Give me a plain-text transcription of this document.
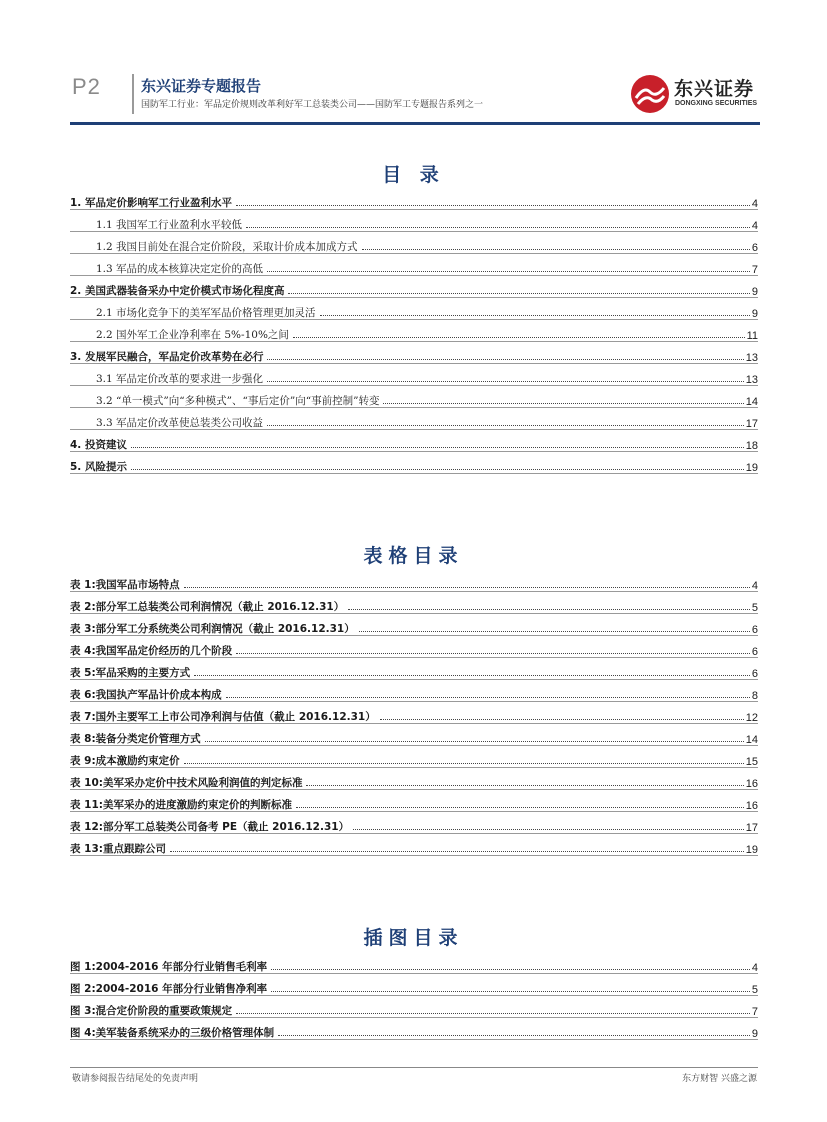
P2	东兴证券专题报告
国防军工行业：军品定价规则改革利好军工总装类公司——国防军工专题报告系列之一
东兴证券
DONGXING SECURITIES
目 录
1. 军品定价影响军工行业盈利水平	4
1.1 我国军工行业盈利水平较低	4
1.2 我国目前处在混合定价阶段，采取计价成本加成方式	6
1.3 军品的成本核算决定定价的高低	7
2. 美国武器装备采办中定价模式市场化程度高	9
2.1 市场化竞争下的美军军品价格管理更加灵活	9
2.2 国外军工企业净利率在 5%-10%之间	11
3. 发展军民融合，军品定价改革势在必行	13
3.1 军品定价改革的要求进一步强化	13
3.2 “单一模式”向“多种模式”、“事后定价”向“事前控制”转变	14
3.3 军品定价改革使总装类公司收益	17
4. 投资建议	18
5. 风险提示	19
表格目录
表 1:我国军品市场特点	4
表 2:部分军工总装类公司利润情况（截止 2016.12.31）	5
表 3:部分军工分系统类公司利润情况（截止 2016.12.31）	6
表 4:我国军品定价经历的几个阶段	6
表 5:军品采购的主要方式	6
表 6:我国执产军品计价成本构成	8
表 7:国外主要军工上市公司净利润与估值（截止 2016.12.31）	12
表 8:装备分类定价管理方式	14
表 9:成本激励约束定价	15
表 10:美军采办定价中技术风险利润值的判定标准	16
表 11:美军采办的进度激励约束定价的判断标准	16
表 12:部分军工总装类公司备考 PE（截止 2016.12.31）	17
表 13:重点跟踪公司	19
插图目录
图 1:2004-2016 年部分行业销售毛利率	4
图 2:2004-2016 年部分行业销售净利率	5
图 3:混合定价阶段的重要政策规定	7
图 4:美军装备系统采办的三级价格管理体制	9
敬请参阅报告结尾处的免责声明	东方财智 兴盛之源
